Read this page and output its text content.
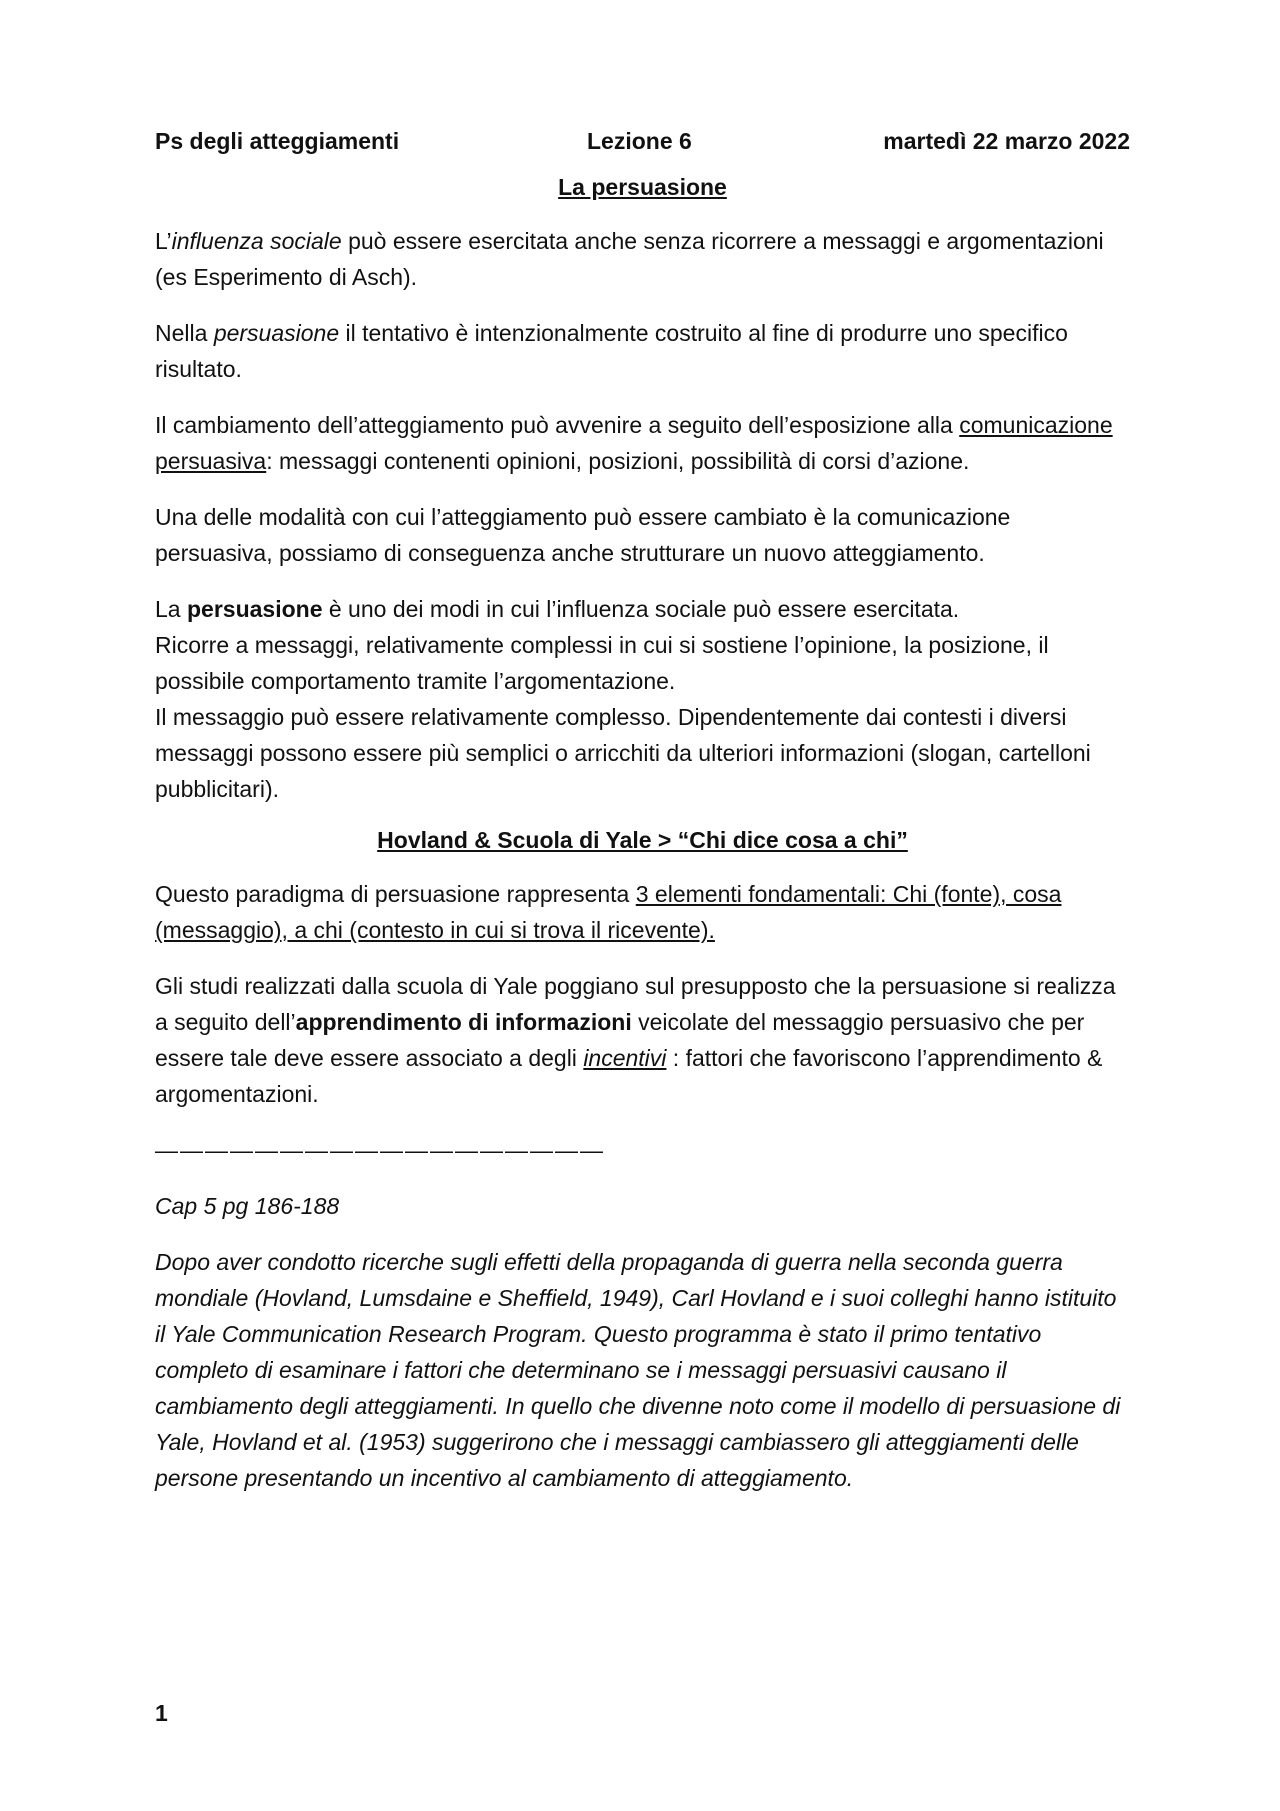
Ps degli atteggiamenti	Lezione 6	martedì 22 marzo 2022
La persuasione

L’influenza sociale può essere esercitata anche senza ricorrere a messaggi e argomentazioni (es Esperimento di Asch).

Nella persuasione il tentativo è intenzionalmente costruito al fine di produrre uno specifico risultato.

Il cambiamento dell’atteggiamento può avvenire a seguito dell’esposizione alla comunicazione persuasiva: messaggi contenenti opinioni, posizioni, possibilità di corsi d’azione.

Una delle modalità con cui l’atteggiamento può essere cambiato è la comunicazione persuasiva, possiamo di conseguenza anche strutturare un nuovo atteggiamento.

La persuasione è uno dei modi in cui l’influenza sociale può essere esercitata.
Ricorre a messaggi, relativamente complessi in cui si sostiene l’opinione, la posizione, il possibile comportamento tramite l’argomentazione.
Il messaggio può essere relativamente complesso. Dipendentemente dai contesti i diversi messaggi possono essere più semplici o arricchiti da ulteriori informazioni (slogan, cartelloni pubblicitari).

Hovland & Scuola di Yale > “Chi dice cosa a chi”

Questo paradigma di persuasione rappresenta 3 elementi fondamentali: Chi (fonte), cosa (messaggio), a chi (contesto in cui si trova il ricevente).

Gli studi realizzati dalla scuola di Yale poggiano sul presupposto che la persuasione si realizza a seguito dell’apprendimento di informazioni veicolate del messaggio persuasivo che per essere tale deve essere associato a degli incentivi : fattori che favoriscono l’apprendimento & argomentazioni.

——————————————————

Cap 5 pg 186-188

Dopo aver condotto ricerche sugli effetti della propaganda di guerra nella seconda guerra mondiale (Hovland, Lumsdaine e Sheffield, 1949), Carl Hovland e i suoi colleghi hanno istituito il Yale Communication Research Program. Questo programma è stato il primo tentativo completo di esaminare i fattori che determinano se i messaggi persuasivi causano il cambiamento degli atteggiamenti. In quello che divenne noto come il modello di persuasione di Yale, Hovland et al. (1953) suggerirono che i messaggi cambiassero gli atteggiamenti delle persone presentando un incentivo al cambiamento di atteggiamento.

1
